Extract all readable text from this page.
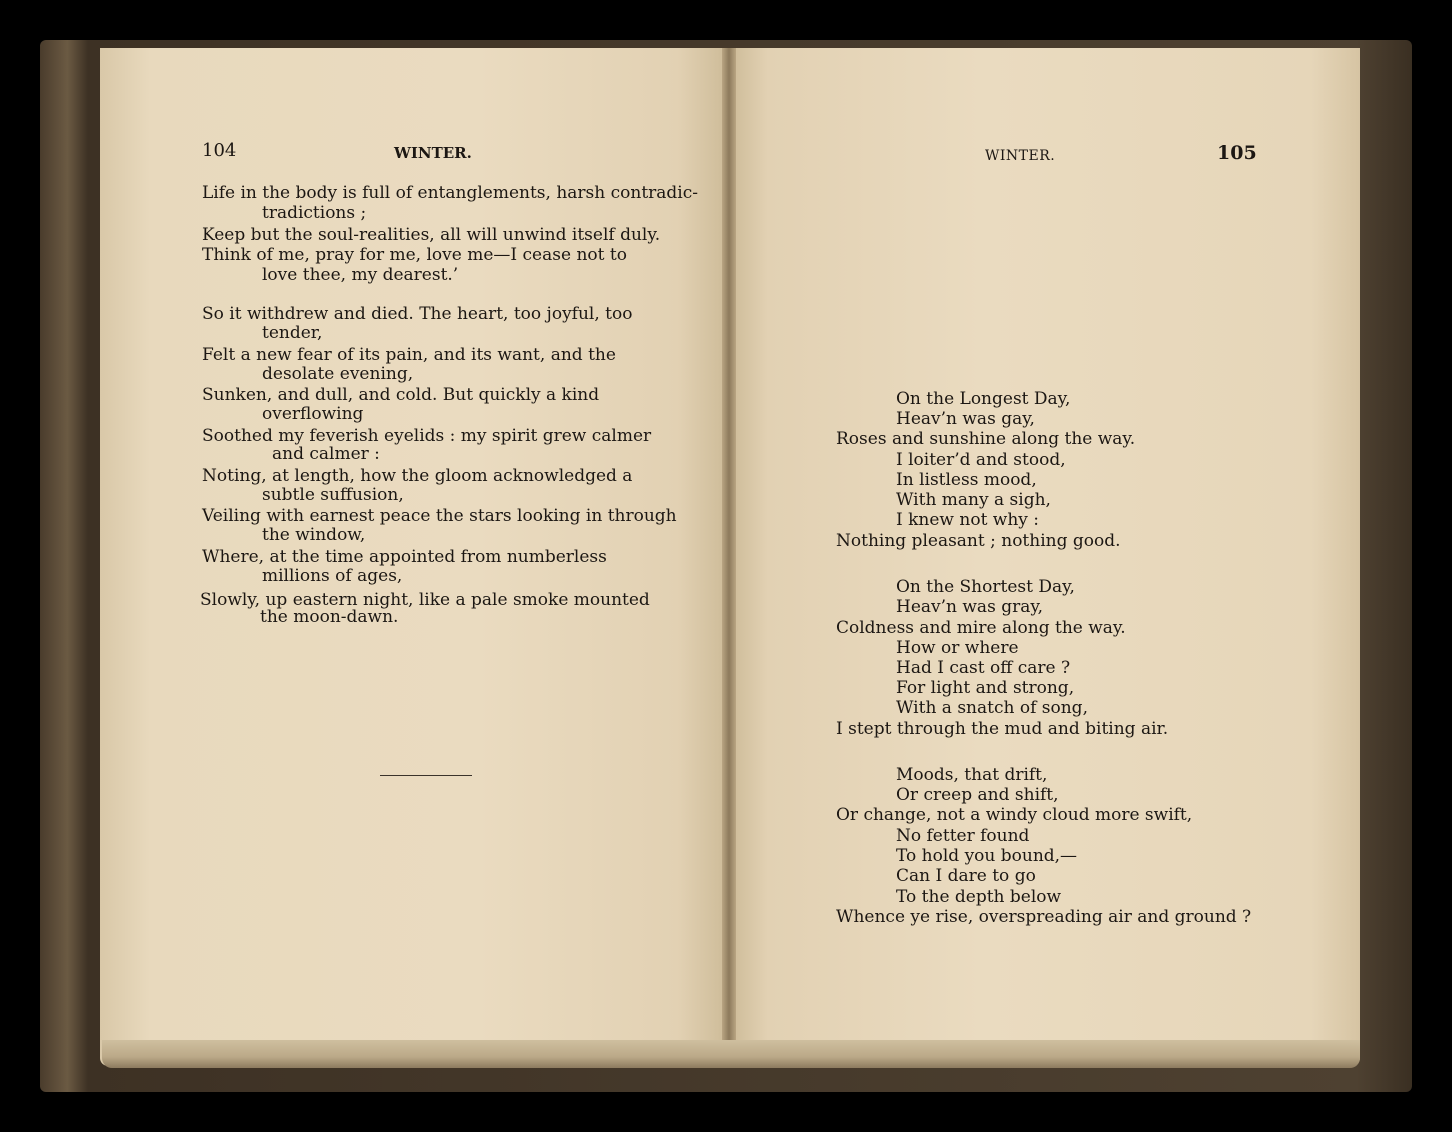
104	WINTER.
Life in the body is full of entanglements, harsh contradic-
tradictions ;
Keep but the soul-realities, all will unwind itself duly.
Think of me, pray for me, love me—I cease not to
love thee, my dearest.’
So it withdrew and died. The heart, too joyful, too
tender,
Felt a new fear of its pain, and its want, and the
desolate evening,
Sunken, and dull, and cold. But quickly a kind
overflowing
Soothed my feverish eyelids : my spirit grew calmer
and calmer :
Noting, at length, how the gloom acknowledged a
subtle suffusion,
Veiling with earnest peace the stars looking in through
the window,
Where, at the time appointed from numberless
millions of ages,
Slowly, up eastern night, like a pale smoke mounted
the moon-dawn.
WINTER.	105
On the Longest Day,
Heav’n was gay,
Roses and sunshine along the way.
I loiter’d and stood,
In listless mood,
With many a sigh,
I knew not why :
Nothing pleasant ; nothing good.
On the Shortest Day,
Heav’n was gray,
Coldness and mire along the way.
How or where
Had I cast off care ?
For light and strong,
With a snatch of song,
I stept through the mud and biting air.
Moods, that drift,
Or creep and shift,
Or change, not a windy cloud more swift,
No fetter found
To hold you bound,—
Can I dare to go
To the depth below
Whence ye rise, overspreading air and ground ?
